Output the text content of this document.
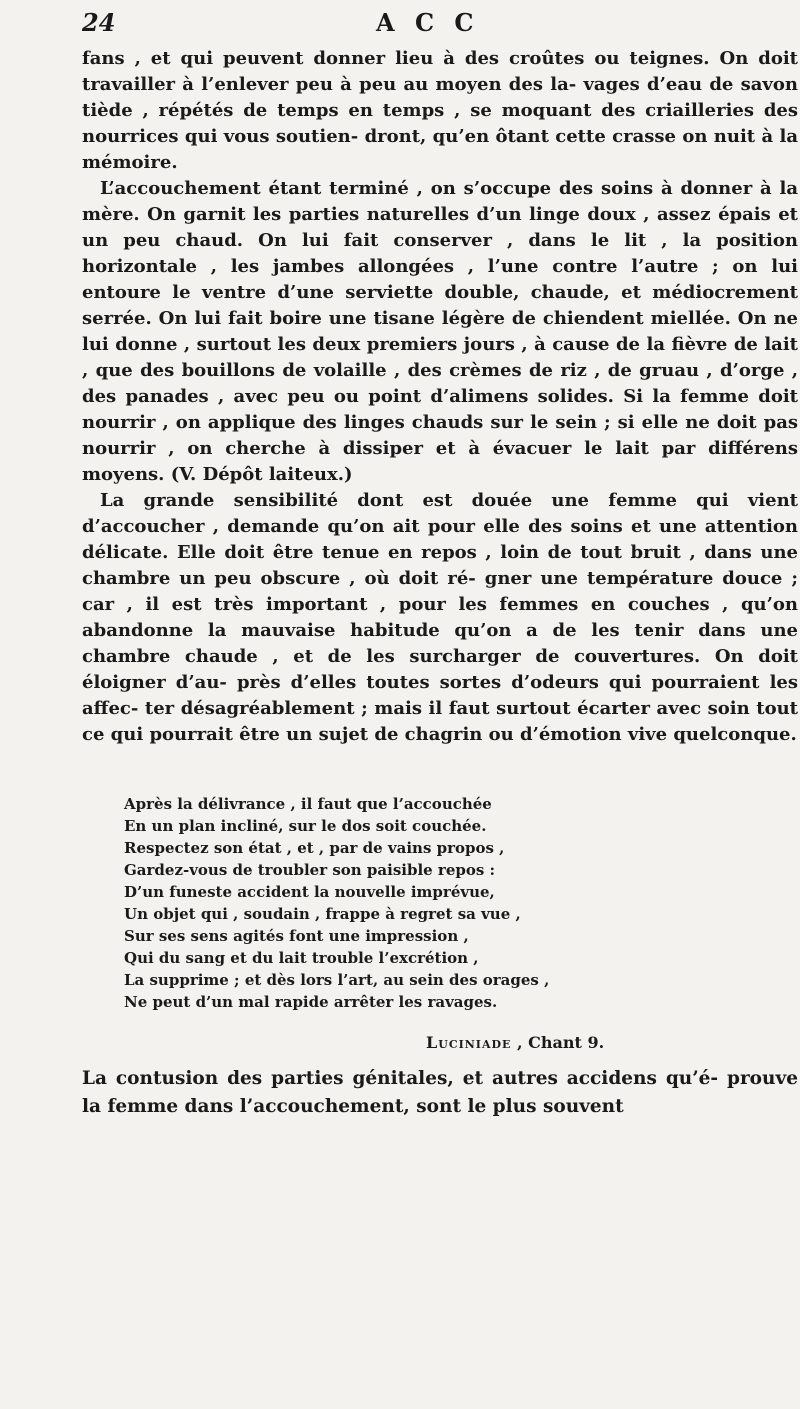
24	A C C

fans , et qui peuvent donner lieu à des croûtes ou teignes. On doit travailler à l’enlever peu à peu au moyen des la- vages d’eau de savon tiède , répétés de temps en temps , se moquant des criailleries des nourrices qui vous soutien- dront, qu’en ôtant cette crasse on nuit à la mémoire.

L’accouchement étant terminé , on s’occupe des soins à donner à la mère. On garnit les parties naturelles d’un linge doux , assez épais et un peu chaud. On lui fait conserver , dans le lit , la position horizontale , les jambes allongées , l’une contre l’autre ; on lui entoure le ventre d’une serviette double, chaude, et médiocrement serrée. On lui fait boire une tisane légère de chiendent miellée. On ne lui donne , surtout les deux premiers jours , à cause de la fièvre de lait , que des bouillons de volaille , des crèmes de riz , de gruau , d’orge , des panades , avec peu ou point d’alimens solides. Si la femme doit nourrir , on applique des linges chauds sur le sein ; si elle ne doit pas nourrir , on cherche à dissiper et à évacuer le lait par différens moyens. (V. Dépôt laiteux.)

La grande sensibilité dont est douée une femme qui vient d’accoucher , demande qu’on ait pour elle des soins et une attention délicate. Elle doit être tenue en repos , loin de tout bruit , dans une chambre un peu obscure , où doit ré- gner une température douce ; car , il est très important , pour les femmes en couches , qu’on abandonne la mauvaise habitude qu’on a de les tenir dans une chambre chaude , et de les surcharger de couvertures. On doit éloigner d’au- près d’elles toutes sortes d’odeurs qui pourraient les affec- ter désagréablement ; mais il faut surtout écarter avec soin tout ce qui pourrait être un sujet de chagrin ou d’émotion vive quelconque.

Après la délivrance , il faut que l’accouchée
En un plan incliné, sur le dos soit couchée.
Respectez son état , et , par de vains propos ,
Gardez-vous de troubler son paisible repos :
D’un funeste accident la nouvelle imprévue,
Un objet qui , soudain , frappe à regret sa vue ,
Sur ses sens agités font une impression ,
Qui du sang et du lait trouble l’excrétion ,
La supprime ; et dès lors l’art, au sein des orages ,
Ne peut d’un mal rapide arrêter les ravages.
Luciniade , Chant 9.
La contusion des parties génitales, et autres accidens qu’é- prouve la femme dans l’accouchement, sont le plus souvent
